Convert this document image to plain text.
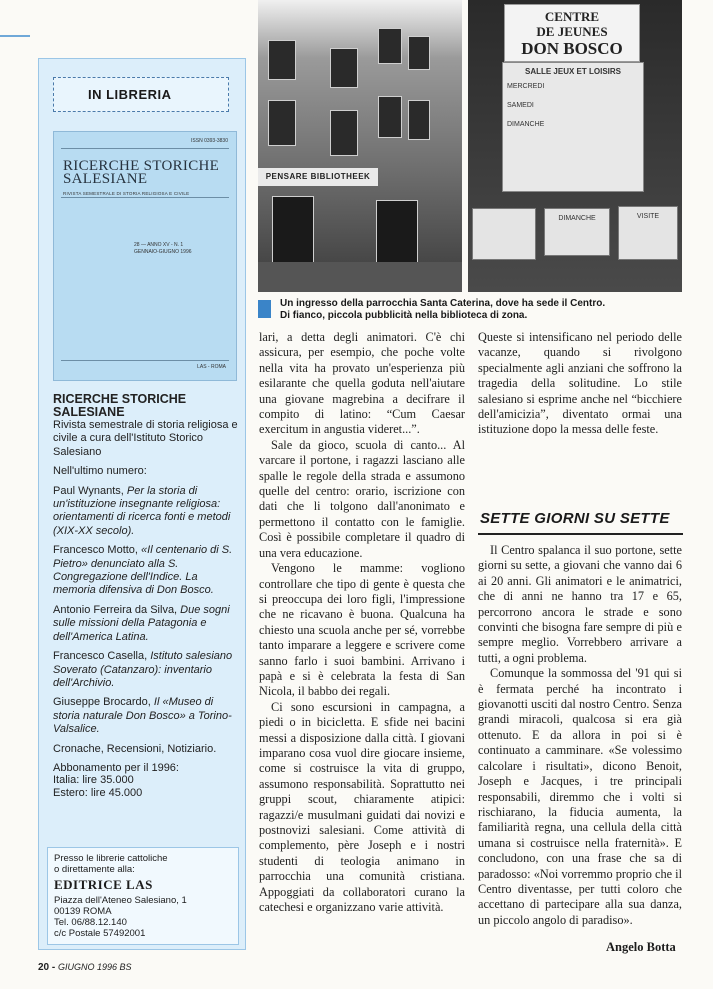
IN LIBRERIA
ISSN 0393-3830
RICERCHE STORICHE
SALESIANE
RIVISTA SEMESTRALE DI STORIA RELIGIOSA E CIVILE
28 — ANNO XV - N. 1
GENNAIO-GIUGNO 1996
LAS - ROMA

RICERCHE STORICHE
SALESIANE

Rivista semestrale di storia religiosa e civile a cura dell'Istituto Storico Salesiano

Nell'ultimo numero:

Paul Wynants, Per la storia di un'istituzione insegnante religiosa: orientamenti di ricerca fonti e metodi (XIX-XX secolo).

Francesco Motto, «Il centenario di S. Pietro» denunciato alla S. Congregazione dell'Indice. La memoria difensiva di Don Bosco.

Antonio Ferreira da Silva, Due sogni sulle missioni della Patagonia e dell'America Latina.

Francesco Casella, Istituto salesiano Soverato (Catanzaro): inventario dell'Archivio.

Giuseppe Brocardo, Il «Museo di storia naturale Don Bosco» a Torino-Valsalice.

Cronache, Recensioni, Notiziario.

Abbonamento per il 1996:
Italia: lire 35.000
Estero: lire 45.000

Presso le librerie cattoliche
o direttamente alla:
EDITRICE LAS
Piazza dell'Ateneo Salesiano, 1
00139 ROMA
Tel. 06/88.12.140
c/c Postale 57492001
PENSARE BIBLIOTHEEK
CENTRE
DE JEUNES
DON BOSCO
SALLE JEUX ET LOISIRS
MERCREDI
SAMEDI
DIMANCHE
DIMANCHE	VISITE
Un ingresso della parrocchia Santa Caterina, dove ha sede il Centro.
Di fianco, piccola pubblicità nella biblioteca di zona.

lari, a detta degli animatori. C'è chi assicura, per esempio, che poche volte nella vita ha provato un'esperienza più esilarante che quella goduta nell'aiutare una giovane magrebina a decifrare il compito di latino: “Cum Caesar exercitum in angustia videret...”.

Sale da gioco, scuola di canto... Al varcare il portone, i ragazzi lasciano alle spalle le regole della strada e assumono quelle del centro: orario, iscrizione con dati che li tolgono dall'anonimato e permettono il contatto con le famiglie. Così è possibile completare il quadro di una vera educazione.

Vengono le mamme: vogliono controllare che tipo di gente è questa che si preoccupa dei loro figli, l'impressione che ne ricavano è buona. Qualcuna ha chiesto una scuola anche per sé, vorrebbe tanto imparare a leggere e scrivere come sanno farlo i suoi bambini. Arrivano i papà e si è celebrata la festa di San Nicola, il babbo dei regali.

Ci sono escursioni in campagna, a piedi o in bicicletta. E sfide nei bacini messi a disposizione dalla città. I giovani imparano cosa vuol dire giocare insieme, come si costruisce la vita di gruppo, assumono responsabilità. Soprattutto nei gruppi scout, chiaramente atipici: ragazzi/e musulmani guidati dai novizi e postnovizi salesiani. Come attività di complemento, père Joseph e i nostri studenti di teologia animano in parrocchia una comunità cristiana. Appoggiati da collaboratori curano la catechesi e organizzano varie attività.

Queste si intensificano nel periodo delle vacanze, quando si rivolgono specialmente agli anziani che soffrono la tragedia della solitudine. Lo stile salesiano si esprime anche nel “bicchiere dell'amicizia”, diventato ormai una istituzione dopo la messa delle feste.

SETTE GIORNI SU SETTE

Il Centro spalanca il suo portone, sette giorni su sette, a giovani che vanno dai 6 ai 20 anni. Gli animatori e le animatrici, che di anni ne hanno tra 17 e 65, percorrono ancora le strade e sono convinti che bisogna fare sempre di più e sempre meglio. Vorrebbero arrivare a tutti, a ogni problema.

Comunque la sommossa del '91 qui si è fermata perché ha incontrato i giovanotti usciti dal nostro Centro. Senza grandi miracoli, qualcosa si era già ottenuto. E da allora in poi si è continuato a camminare. «Se volessimo calcolare i risultati», dicono Benoit, Joseph e Jacques, i tre principali responsabili, diremmo che i volti si rischiarano, la fiducia aumenta, la familiarità regna, una cellula della città umana si costruisce nella fraternità». E concludono, con una frase che sa di paradosso: «Noi vorremmo proprio che il Centro diventasse, per tutti coloro che accettano di partecipare alla sua danza, un piccolo angolo di paradiso».

Angelo Botta
20 - GIUGNO 1996 BS
